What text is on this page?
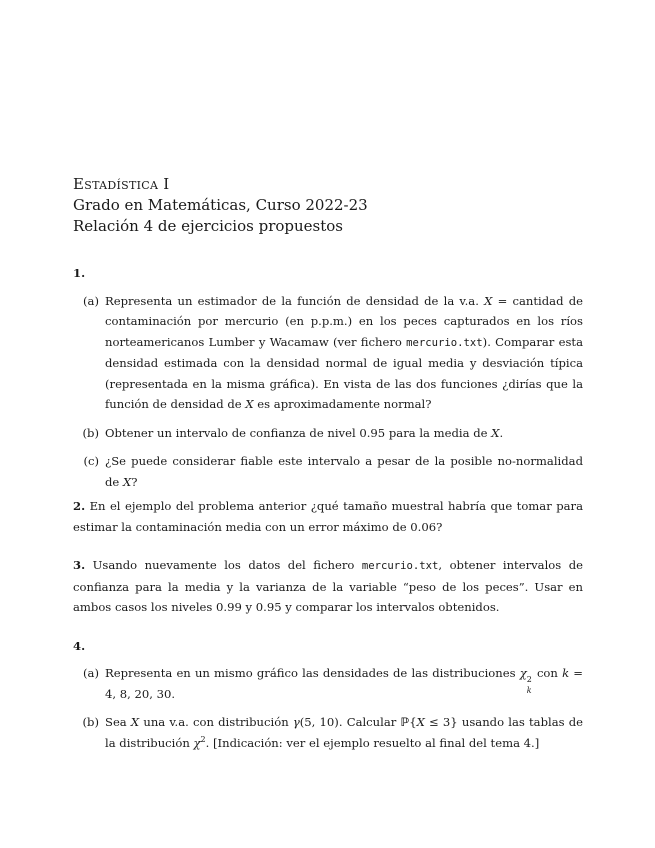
Estadística I

Grado en Matemáticas, Curso 2022-23

Relación 4 de ejercicios propuestos

1.
(a) Representa un estimador de la función de densidad de la v.a. X = cantidad de contaminación por mercurio (en p.p.m.) en los peces capturados en los ríos norteamericanos Lumber y Wacamaw (ver fichero mercurio.txt). Comparar esta densidad estimada con la densidad normal de igual media y desviación típica (representada en la misma gráfica). En vista de las dos funciones ¿dirías que la función de densidad de X es aproximadamente normal?
(b) Obtener un intervalo de confianza de nivel 0.95 para la media de X.
(c) ¿Se puede considerar fiable este intervalo a pesar de la posible no-normalidad de X?
2. En el ejemplo del problema anterior ¿qué tamaño muestral habría que tomar para estimar la contaminación media con un error máximo de 0.06?
3. Usando nuevamente los datos del fichero mercurio.txt, obtener intervalos de confianza para la media y la varianza de la variable “peso de los peces”. Usar en ambos casos los niveles 0.99 y 0.95 y comparar los intervalos obtenidos.
4.
(a) Representa en un mismo gráfico las densidades de las distribuciones χ 2
k
con k = 4, 8, 20, 30.
(b) Sea X una v.a. con distribución γ(5, 10). Calcular ℙ{X ≤ 3} usando las tablas de la distribución $\chi^2$. [Indicación: ver el ejemplo resuelto al final del tema 4.]
